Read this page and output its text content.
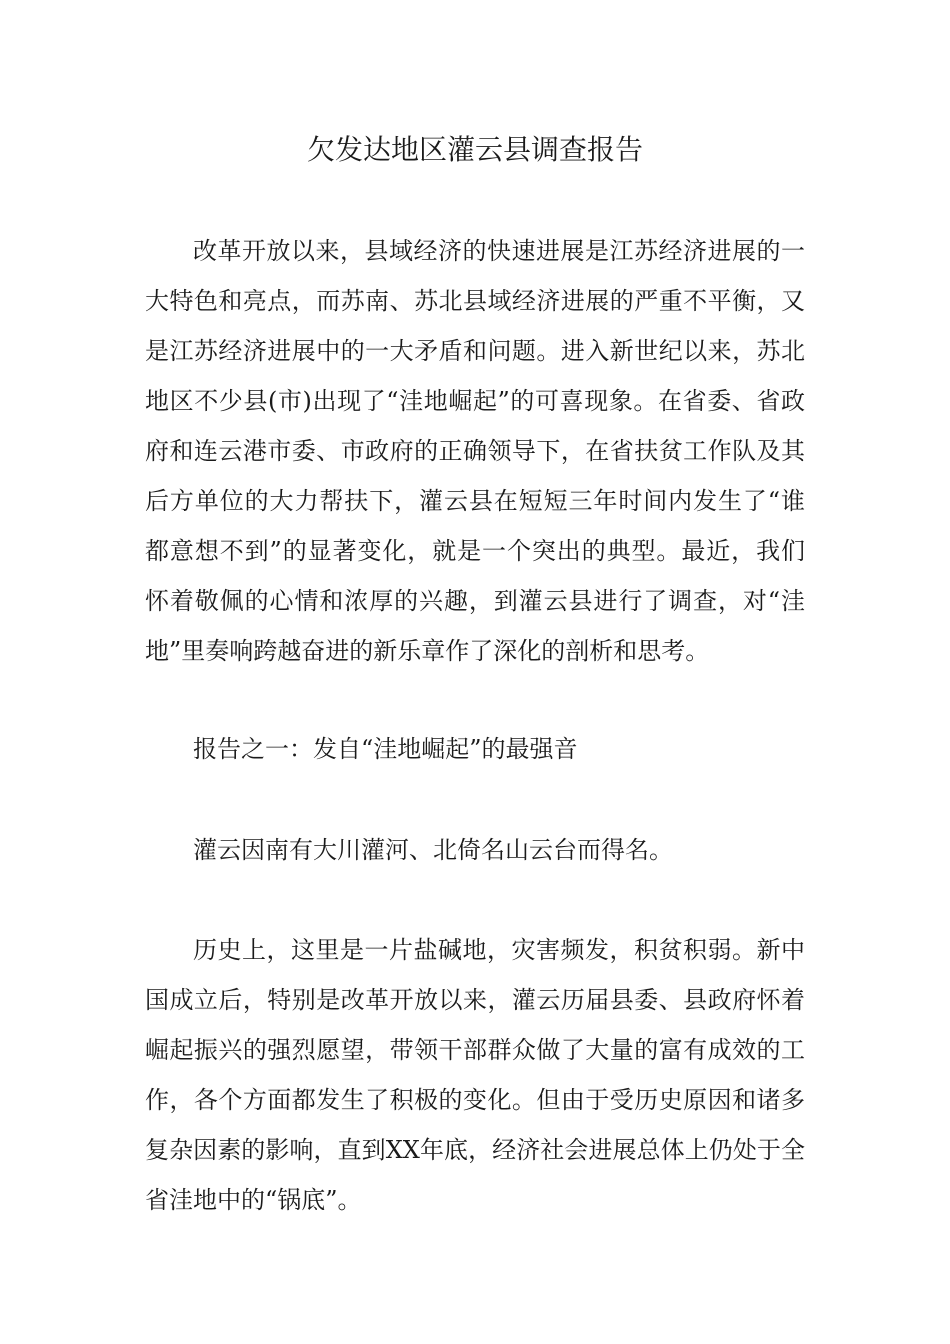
欠发达地区灌云县调查报告

改革开放以来，县域经济的快速进展是江苏经济进展的一大特色和亮点，而苏南、苏北县域经济进展的严重不平衡，又是江苏经济进展中的一大矛盾和问题。进入新世纪以来，苏北地区不少县(市)出现了“洼地崛起”的可喜现象。在省委、省政府和连云港市委、市政府的正确领导下，在省扶贫工作队及其后方单位的大力帮扶下，灌云县在短短三年时间内发生了“谁都意想不到”的显著变化，就是一个突出的典型。最近，我们怀着敬佩的心情和浓厚的兴趣，到灌云县进行了调查，对“洼地”里奏响跨越奋进的新乐章作了深化的剖析和思考。

报告之一：发自“洼地崛起”的最强音

灌云因南有大川灌河、北倚名山云台而得名。

历史上，这里是一片盐碱地，灾害频发，积贫积弱。新中国成立后，特别是改革开放以来，灌云历届县委、县政府怀着崛起振兴的强烈愿望，带领干部群众做了大量的富有成效的工作，各个方面都发生了积极的变化。但由于受历史原因和诸多复杂因素的影响，直到XX年底，经济社会进展总体上仍处于全省洼地中的“锅底”。
